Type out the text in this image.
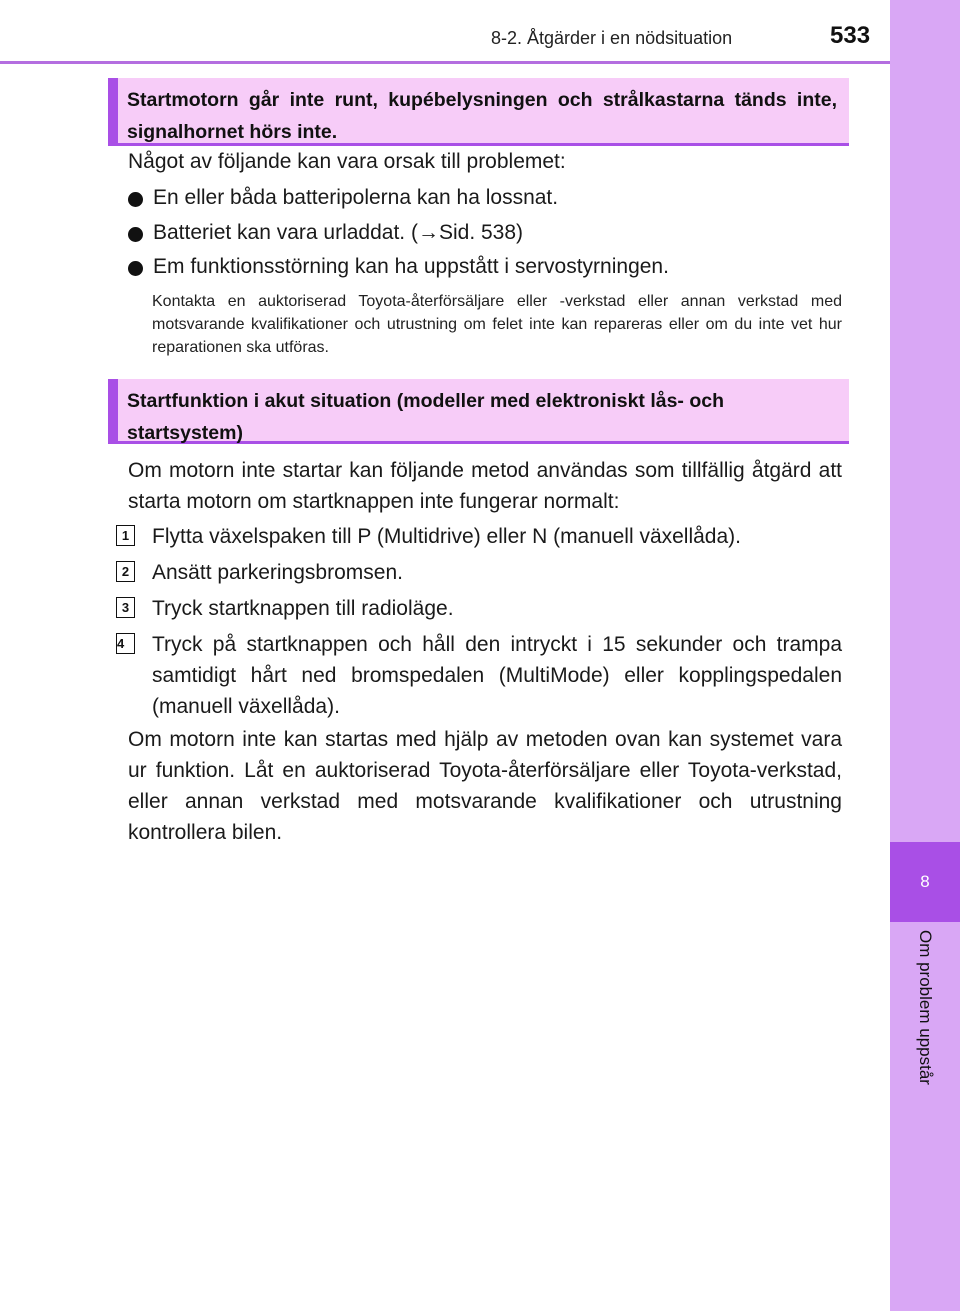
8-2. Åtgärder i en nödsituation	533
8
Om problem uppstår
Startmotorn går inte runt, kupébelysningen och strålkastarna tänds inte, signalhornet hörs inte.
Något av följande kan vara orsak till problemet:
En eller båda batteripolerna kan ha lossnat.
Batteriet kan vara urladdat. (→Sid. 538)
Em funktionsstörning kan ha uppstått i servostyrningen.
Kontakta en auktoriserad Toyota-återförsäljare eller -verkstad eller annan verkstad med motsvarande kvalifikationer och utrustning om felet inte kan repareras eller om du inte vet hur reparationen ska utföras.
Startfunktion i akut situation (modeller med elektroniskt lås- och startsystem)
Om motorn inte startar kan följande metod användas som tillfällig åtgärd att starta motorn om startknappen inte fungerar normalt:
1 Flytta växelspaken till P (Multidrive) eller N (manuell växellåda).
2 Ansätt parkeringsbromsen.
3 Tryck startknappen till radioläge.
4	Tryck på startknappen och håll den intryckt i 15 sekunder och trampa samtidigt hårt ned bromspedalen (MultiMode) eller kopplingspedalen (manuell växellåda).
Om motorn inte kan startas med hjälp av metoden ovan kan systemet vara ur funktion. Låt en auktoriserad Toyota-återförsäljare eller Toyota-verkstad, eller annan verkstad med motsvarande kvalifikationer och utrustning kontrollera bilen.
